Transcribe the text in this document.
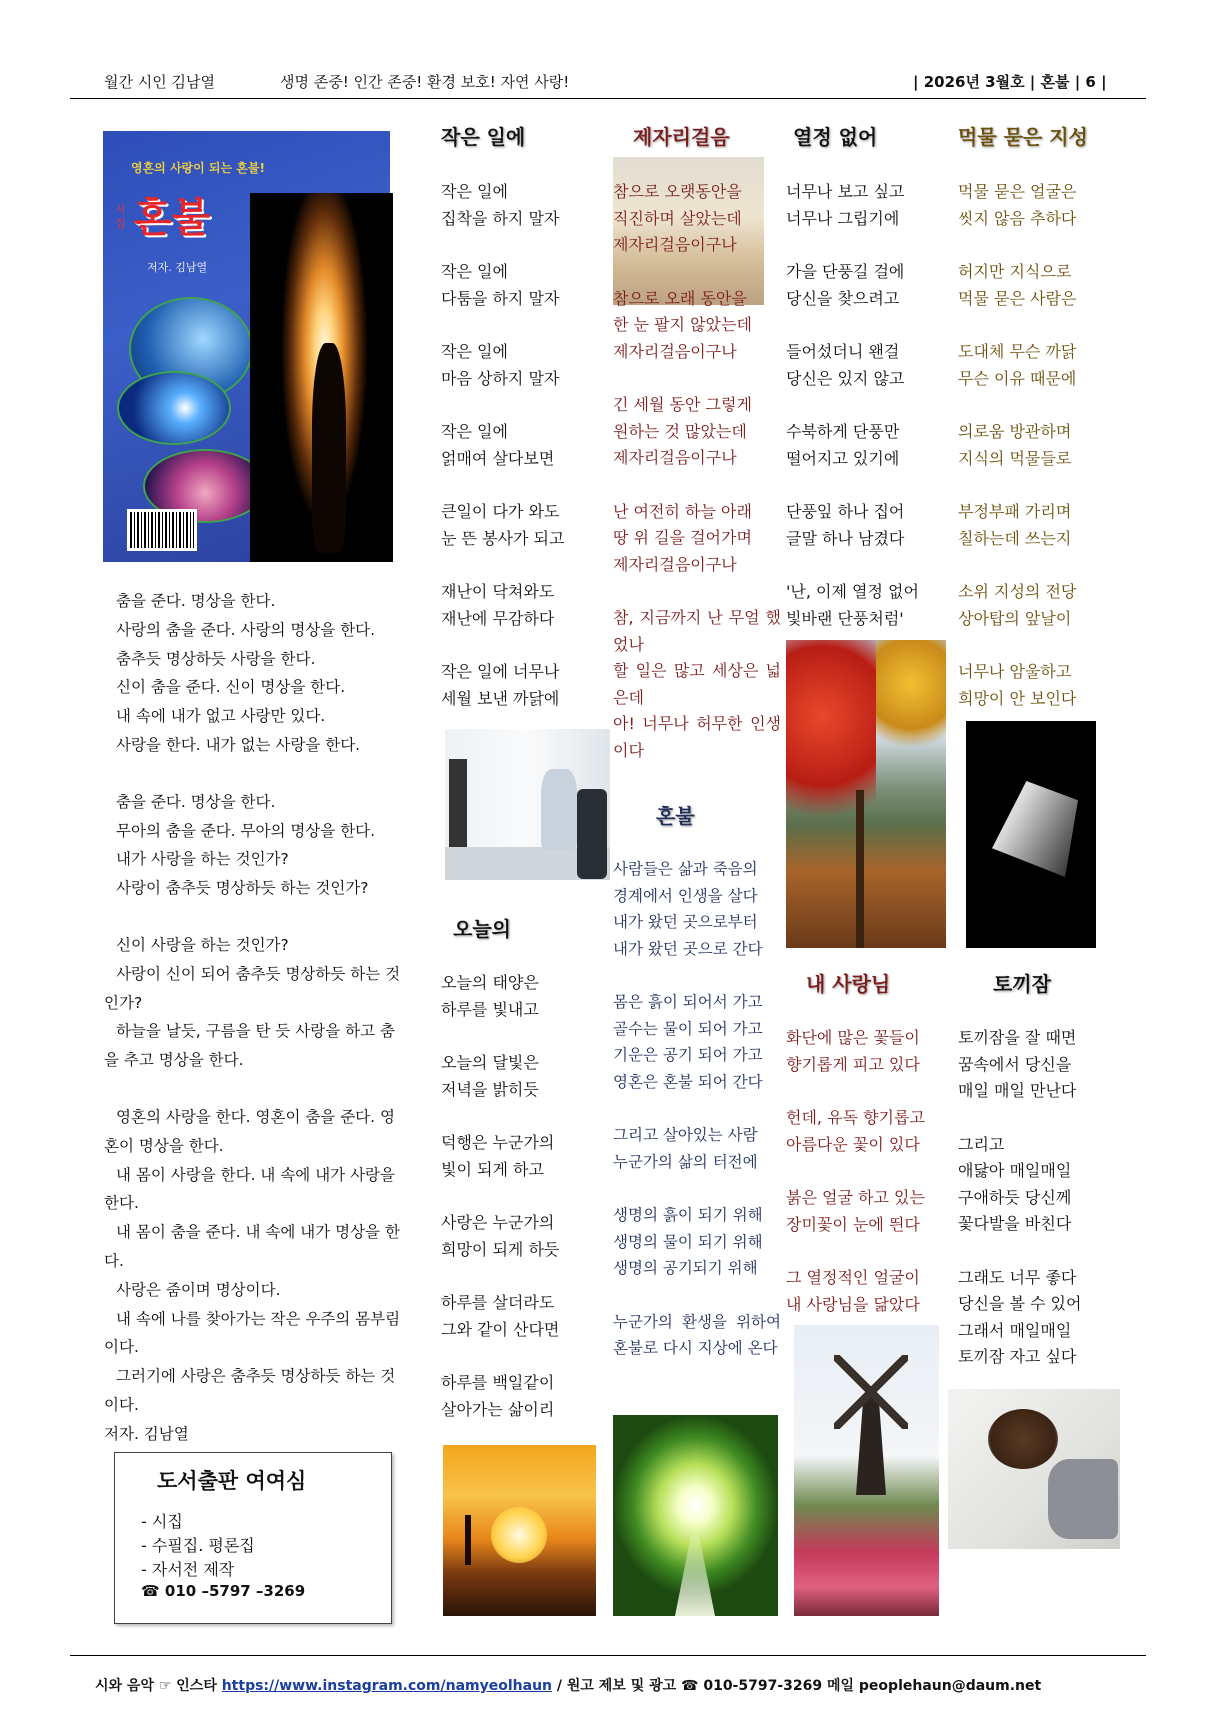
월간 시인 김남열	생명 존중! 인간 존중! 환경 보호! 자연 사랑!	| 2026년 3월호 | 혼불 | 6 |
영혼의 사랑이 되는 혼불!
시집 혼불
저자. 김남열
춤을 준다. 명상을 한다.
사랑의 춤을 준다. 사랑의 명상을 한다.
춤추듯 명상하듯 사랑을 한다.
신이 춤을 준다. 신이 명상을 한다.
내 속에 내가 없고 사랑만 있다.
사랑을 한다. 내가 없는 사랑을 한다.
춤을 준다. 명상을 한다.
무아의 춤을 준다. 무아의 명상을 한다.
내가 사랑을 하는 것인가?
사랑이 춤추듯 명상하듯 하는 것인가?
신이 사랑을 하는 것인가?
사랑이 신이 되어 춤추듯 명상하듯 하는 것인가?
하늘을 날듯, 구름을 탄 듯 사랑을 하고 춤을 추고 명상을 한다.
영혼의 사랑을 한다. 영혼이 춤을 준다. 영혼이 명상을 한다.
내 몸이 사랑을 한다. 내 속에 내가 사랑을 한다.
내 몸이 춤을 준다. 내 속에 내가 명상을 한다.
사랑은 줌이며 명상이다.
내 속에 나를 찾아가는 작은 우주의 몸부림이다.
그러기에 사랑은 춤추듯 명상하듯 하는 것이다.
저자. 김남열
도서출판 여여심
- 시집
- 수필집. 평론집
- 자서전 제작
☎ 010 –5797 –3269
작은 일에
작은 일에
집착을 하지 말자
작은 일에
다툼을 하지 말자
작은 일에
마음 상하지 말자
작은 일에
얽매여 살다보면
큰일이 다가 와도
눈 뜬 봉사가 되고
재난이 닥쳐와도
재난에 무감하다
작은 일에 너무나
세월 보낸 까닭에
오늘의
오늘의 태양은
하루를 빛내고
오늘의 달빛은
저녁을 밝히듯
덕행은 누군가의
빛이 되게 하고
사랑은 누군가의
희망이 되게 하듯
하루를 살더라도
그와 같이 산다면
하루를 백일같이
살아가는 삶이리
제자리걸음
참으로 오랫동안을
직진하며 살았는데
제자리걸음이구나
참으로 오래 동안을
한 눈 팔지 않았는데
제자리걸음이구나
긴 세월 동안 그렇게
원하는 것 많았는데
제자리걸음이구나
난 여전히 하늘 아래
땅 위 길을 걸어가며
제자리걸음이구나
참, 지금까지 난 무얼 했었나
할 일은 많고 세상은 넓은데
아! 너무나 허무한 인생이다
혼불
사람들은 삶과 죽음의
경계에서 인생을 살다
내가 왔던 곳으로부터
내가 왔던 곳으로 간다
몸은 흙이 되어서 가고
골수는 물이 되어 가고
기운은 공기 되어 가고
영혼은 혼불 되어 간다
그리고 살아있는 사람
누군가의 삶의 터전에
생명의 흙이 되기 위해
생명의 물이 되기 위해
생명의 공기되기 위해
누군가의 환생을 위하여 혼불로 다시 지상에 온다
열정 없어
너무나 보고 싶고
너무나 그립기에
가을 단풍길 걸에
당신을 찾으려고
들어섰더니 왠걸
당신은 있지 않고
수북하게 단풍만
떨어지고 있기에
단풍잎 하나 집어
글말 하나 남겼다
'난, 이제 열정 없어
빛바랜 단풍처럼'
내 사랑님
화단에 많은 꽃들이
향기롭게 피고 있다
헌데, 유독 향기롭고
아름다운 꽃이 있다
붉은 얼굴 하고 있는
장미꽃이 눈에 띈다
그 열정적인 얼굴이
내 사랑님을 닮았다
먹물 묻은 지성
먹물 묻은 얼굴은
씻지 않음 추하다
허지만 지식으로
먹물 묻은 사람은
도대체 무슨 까닭
무슨 이유 때문에
의로움 방관하며
지식의 먹물들로
부정부패 가리며
칠하는데 쓰는지
소위 지성의 전당
상아탑의 앞날이
너무나 암울하고
희망이 안 보인다
토끼잠
토끼잠을 잘 때면
꿈속에서 당신을
매일 매일 만난다
그리고
애닳아 매일매일
구애하듯 당신께
꽃다발을 바친다
그래도 너무 좋다
당신을 볼 수 있어
그래서 매일매일
토끼잠 자고 싶다
시와 음악 ☞ 인스타 https://www.instagram.com/namyeolhaun / 원고 제보 및 광고 ☎ 010-5797-3269 메일 peoplehaun@daum.net
